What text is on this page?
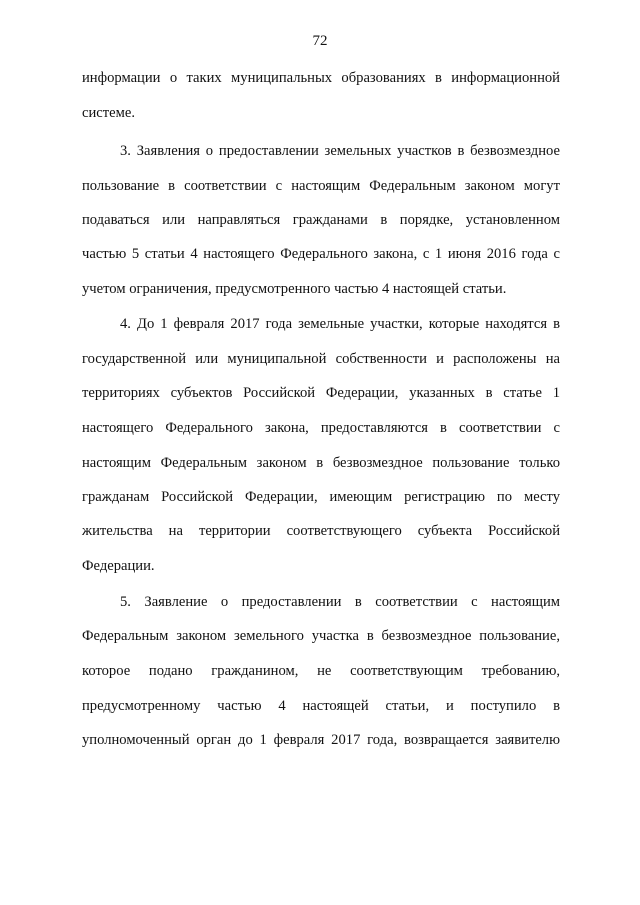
72
информации о таких муниципальных образованиях в информационной
системе.
3. Заявления о предоставлении земельных участков в безвозмездное
пользование в соответствии с настоящим Федеральным законом могут
подаваться или направляться гражданами в порядке, установленном
частью 5 статьи 4 настоящего Федерального закона, с 1 июня 2016 года с
учетом ограничения, предусмотренного частью 4 настоящей статьи.
4. До 1 февраля 2017 года земельные участки, которые находятся в
государственной или муниципальной собственности и расположены на
территориях субъектов Российской Федерации, указанных в статье 1
настоящего Федерального закона, предоставляются в соответствии с
настоящим Федеральным законом в безвозмездное пользование только
гражданам Российской Федерации, имеющим регистрацию по месту
жительства на территории соответствующего субъекта Российской
Федерации.
5. Заявление о предоставлении в соответствии с настоящим
Федеральным законом земельного участка в безвозмездное пользование,
которое подано гражданином, не соответствующим требованию,
предусмотренному частью 4 настоящей статьи, и поступило в
уполномоченный орган до 1 февраля 2017 года, возвращается заявителю
